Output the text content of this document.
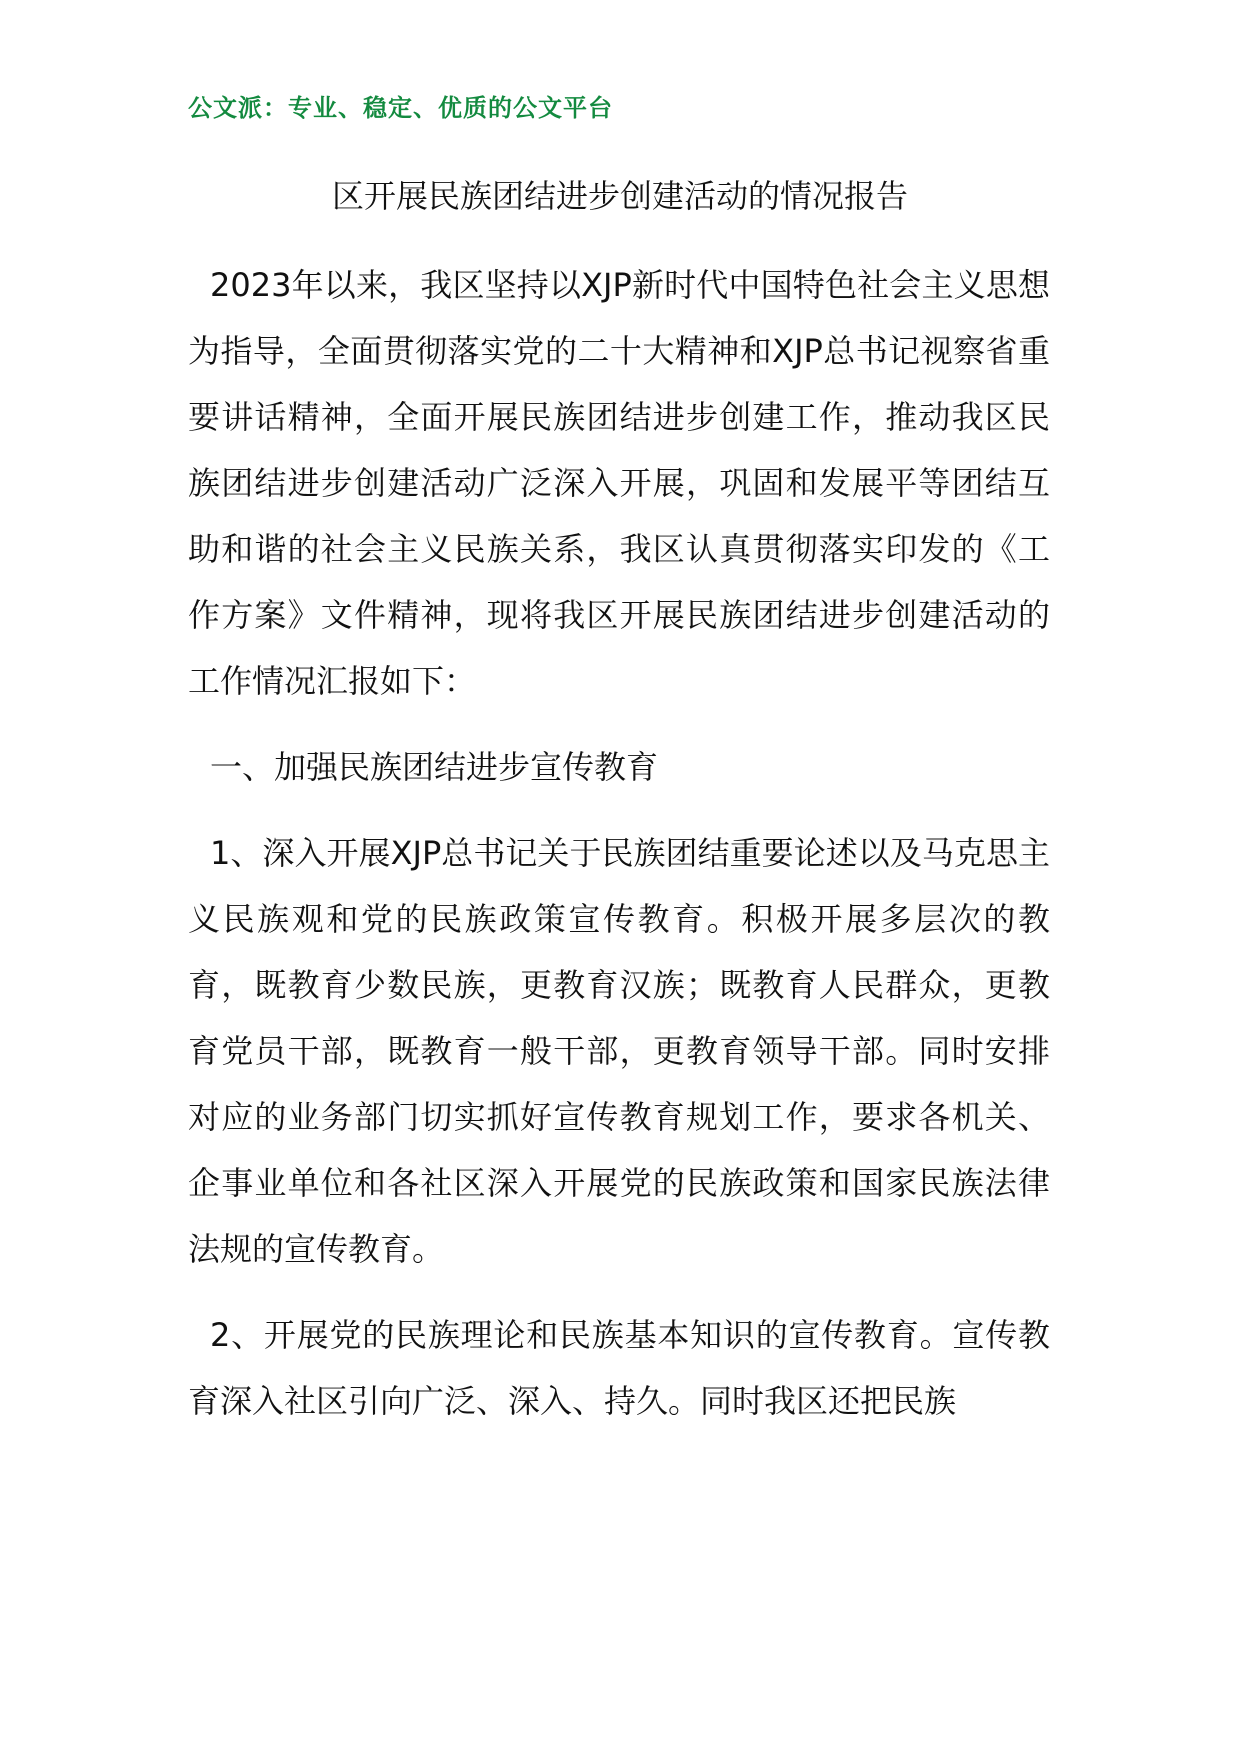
公文派：专业、稳定、优质的公文平台
区开展民族团结进步创建活动的情况报告

2023年以来，我区坚持以XJP新时代中国特色社会主义思想为指导，全面贯彻落实党的二十大精神和XJP总书记视察省重要讲话精神，全面开展民族团结进步创建工作，推动我区民族团结进步创建活动广泛深入开展，巩固和发展平等团结互助和谐的社会主义民族关系，我区认真贯彻落实印发的《工作方案》文件精神，现将我区开展民族团结进步创建活动的工作情况汇报如下：

一、加强民族团结进步宣传教育

1、深入开展XJP总书记关于民族团结重要论述以及马克思主义民族观和党的民族政策宣传教育。积极开展多层次的教育，既教育少数民族，更教育汉族；既教育人民群众，更教育党员干部，既教育一般干部，更教育领导干部。同时安排对应的业务部门切实抓好宣传教育规划工作，要求各机关、企事业单位和各社区深入开展党的民族政策和国家民族法律法规的宣传教育。

2、开展党的民族理论和民族基本知识的宣传教育。宣传教育深入社区引向广泛、深入、持久。同时我区还把民族
